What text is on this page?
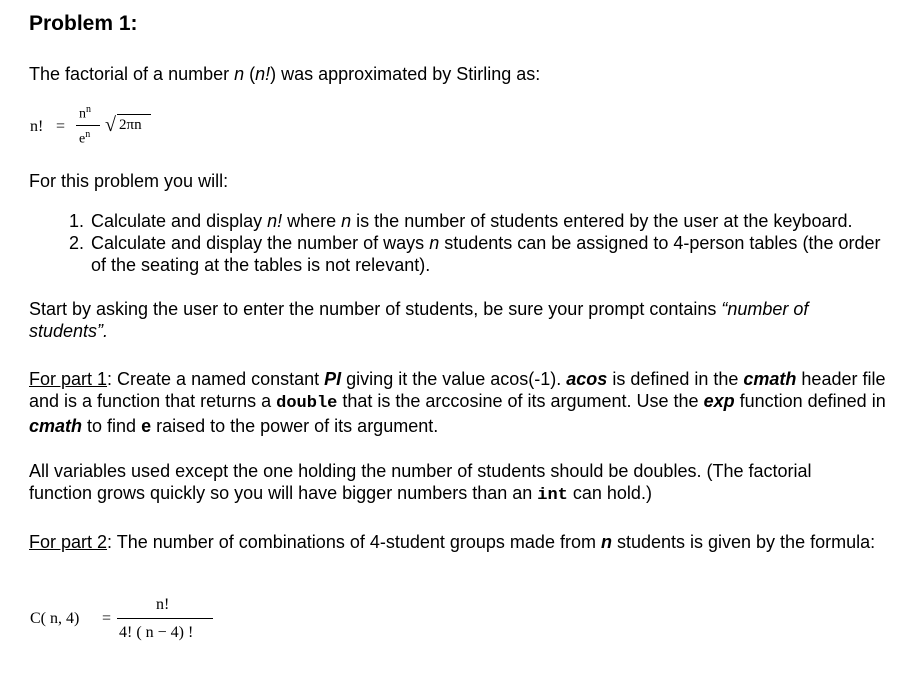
Problem 1:

The factorial of a number n (n!) was approximated by Stirling as:

n! =
$n^n$
$e^n$ √ 2πn

For this problem you will:

1. Calculate and display n! where n is the number of students entered by the user at the keyboard.
2. Calculate and display the number of ways n students can be assigned to 4-person tables (the order of the seating at the tables is not relevant).

Start by asking the user to enter the number of students, be sure your prompt contains “number of students”.

For part 1: Create a named constant PI giving it the value acos(-1). acos is defined in the cmath header file and is a function that returns a double that is the arccosine of its argument. Use the exp function defined in cmath to find e raised to the power of its argument.

All variables used except the one holding the number of students should be doubles. (The factorial function grows quickly so you will have bigger numbers than an int can hold.)

For part 2: The number of combinations of 4-student groups made from n students is given by the formula:

C( n, 4) =
n!
4! ( n − 4) !
